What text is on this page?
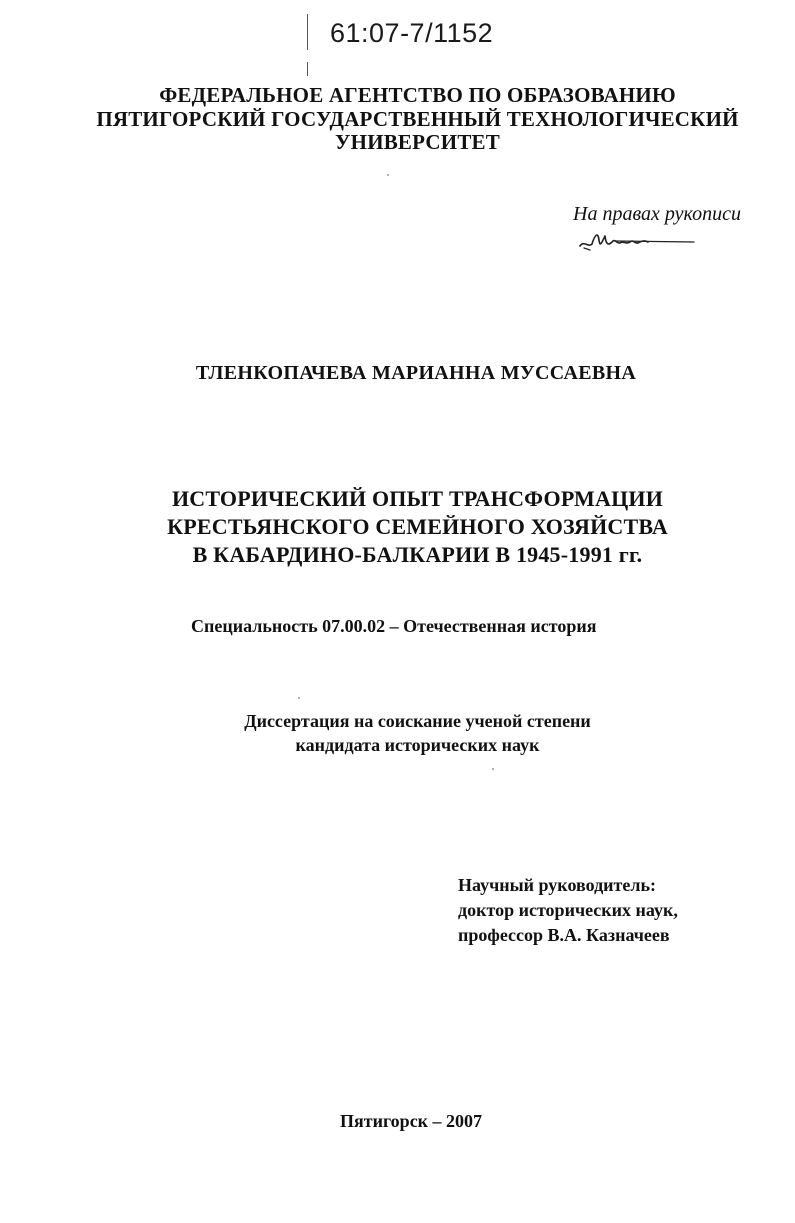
61:07-7/1152
ФЕДЕРАЛЬНОЕ АГЕНТСТВО ПО ОБРАЗОВАНИЮ
ПЯТИГОРСКИЙ ГОСУДАРСТВЕННЫЙ ТЕХНОЛОГИЧЕСКИЙ
УНИВЕРСИТЕТ
На правах рукописи
ТЛЕНКОПАЧЕВА МАРИАННА МУССАЕВНА
ИСТОРИЧЕСКИЙ ОПЫТ ТРАНСФОРМАЦИИ
КРЕСТЬЯНСКОГО СЕМЕЙНОГО ХОЗЯЙСТВА
В КАБАРДИНО-БАЛКАРИИ В 1945-1991 гг.
Специальность 07.00.02 – Отечественная история
Диссертация на соискание ученой степени
кандидата исторических наук
Научный руководитель:
доктор исторических наук,
профессор В.А. Казначеев
Пятигорск – 2007
